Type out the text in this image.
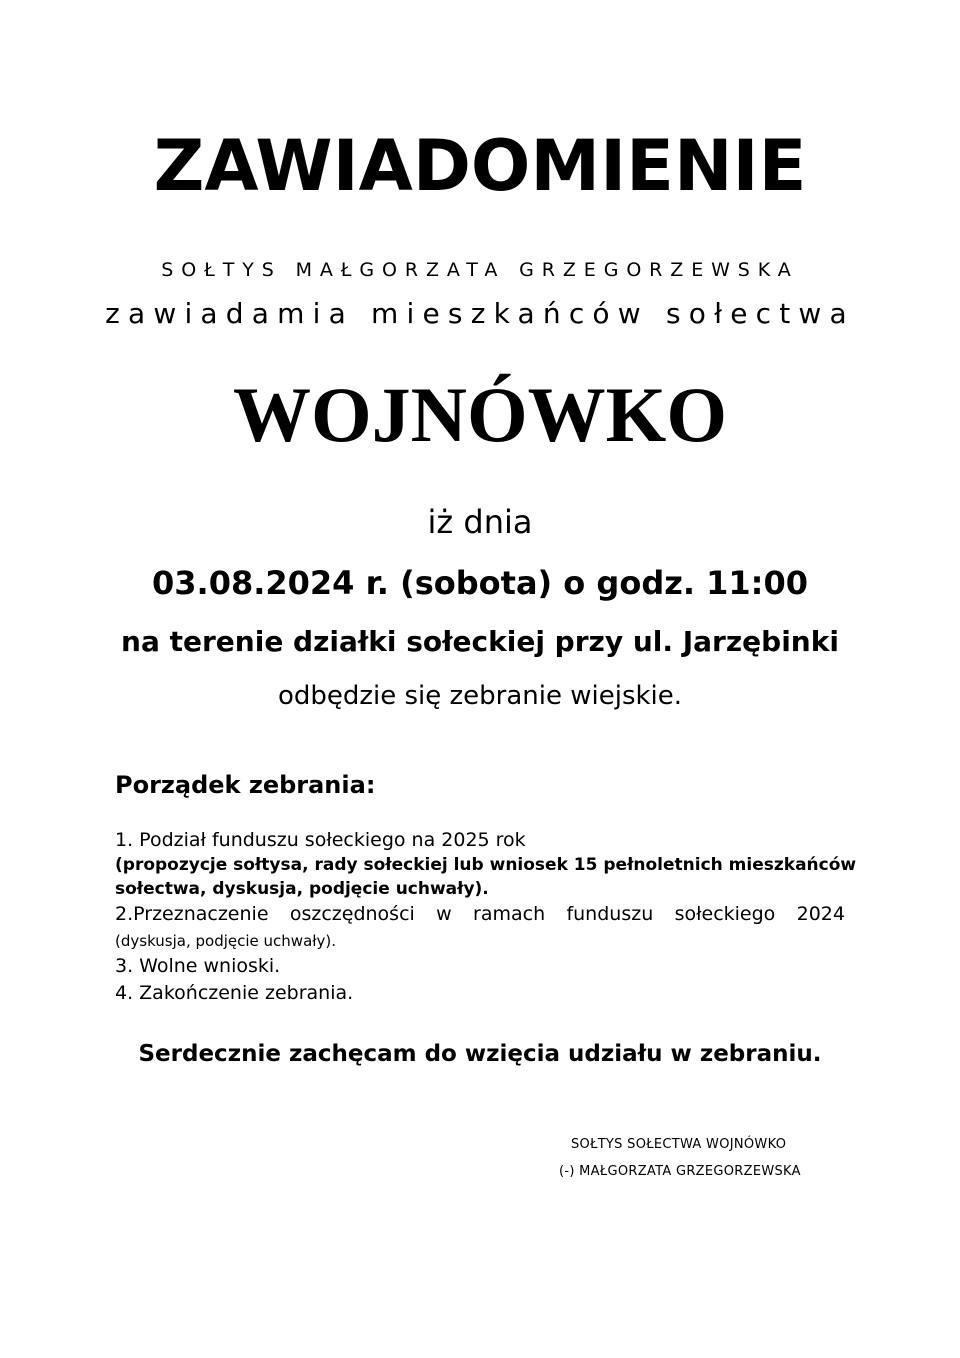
ZAWIADOMIENIE
SOŁTYS MAŁGORZATA GRZEGORZEWSKA
zawiadamia mieszkańców sołectwa
WOJNÓWKO
iż dnia
03.08.2024 r. (sobota) o godz. 11:00
na terenie działki sołeckiej przy ul. Jarzębinki
odbędzie się zebranie wiejskie.
Porządek zebrania:
1. Podział funduszu sołeckiego na 2025 rok
(propozycje sołtysa, rady sołeckiej lub wniosek 15 pełnoletnich mieszkańców sołectwa, dyskusja, podjęcie uchwały).
2.Przeznaczenie oszczędności w ramach funduszu sołeckiego 2024
(dyskusja, podjęcie uchwały).
3. Wolne wnioski.
4. Zakończenie zebrania.
Serdecznie zachęcam do wzięcia udziału w zebraniu.
SOŁTYS SOŁECTWA WOJNÓWKO
(-) MAŁGORZATA GRZEGORZEWSKA
